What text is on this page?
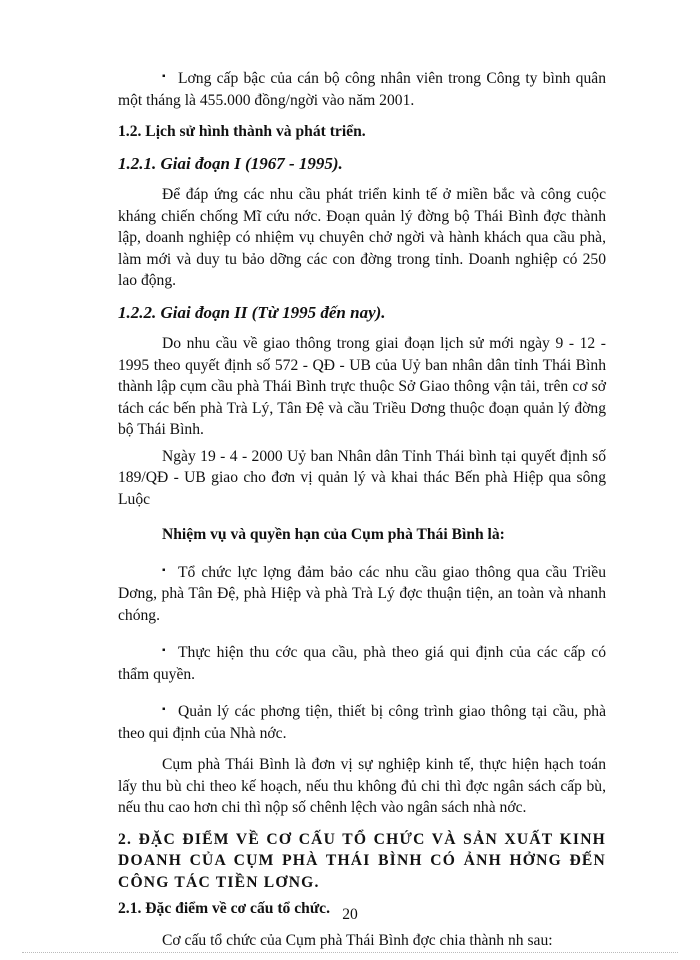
▪ Lơng cấp bậc của cán bộ công nhân viên trong Công ty bình quân một tháng là 455.000 đồng/ngời vào năm 2001.

1.2. Lịch sử hình thành và phát triển.

1.2.1. Giai đoạn I (1967 - 1995).

Để đáp ứng các nhu cầu phát triển kinh tế ở miền bắc và công cuộc kháng chiến chống Mĩ cứu nớc. Đoạn quản lý đờng bộ Thái Bình đợc thành lập, doanh nghiệp có nhiệm vụ chuyên chở ngời và hành khách qua cầu phà, làm mới và duy tu bảo dỡng các con đờng trong tỉnh. Doanh nghiệp có 250 lao động.

1.2.2. Giai đoạn II (Từ 1995 đến nay).

Do nhu cầu về giao thông trong giai đoạn lịch sử mới ngày 9 - 12 - 1995 theo quyết định số 572 - QĐ - UB của Uỷ ban nhân dân tỉnh Thái Bình thành lập cụm cầu phà Thái Bình trực thuộc Sở Giao thông vận tải, trên cơ sở tách các bến phà Trà Lý, Tân Đệ và cầu Triều Dơng thuộc đoạn quản lý đờng bộ Thái Bình.

Ngày 19 - 4 - 2000 Uỷ ban Nhân dân Tỉnh Thái bình tại quyết định số 189/QĐ - UB giao cho đơn vị quản lý và khai thác Bến phà Hiệp qua sông Luộc

Nhiệm vụ và quyền hạn của Cụm phà Thái Bình là:

▪ Tổ chức lực lợng đảm bảo các nhu cầu giao thông qua cầu Triều Dơng, phà Tân Đệ, phà Hiệp và phà Trà Lý đợc thuận tiện, an toàn và nhanh chóng.

▪ Thực hiện thu cớc qua cầu, phà theo giá qui định của các cấp có thẩm quyền.

▪ Quản lý các phơng tiện, thiết bị công trình giao thông tại cầu, phà theo qui định của Nhà nớc.

Cụm phà Thái Bình là đơn vị sự nghiệp kinh tế, thực hiện hạch toán lấy thu bù chi theo kế hoạch, nếu thu không đủ chi thì đợc ngân sách cấp bù, nếu thu cao hơn chi thì nộp số chênh lệch vào ngân sách nhà nớc.

2. ĐẶC ĐIỂM VỀ CƠ CẤU TỔ CHỨC VÀ SẢN XUẤT KINH DOANH CỦA CỤM PHÀ THÁI BÌNH CÓ ẢNH HỞNG ĐẾN CÔNG TÁC TIỀN LƠNG.

2.1. Đặc điểm về cơ cấu tổ chức.

Cơ cấu tổ chức của Cụm phà Thái Bình đợc chia thành nh sau:

20
